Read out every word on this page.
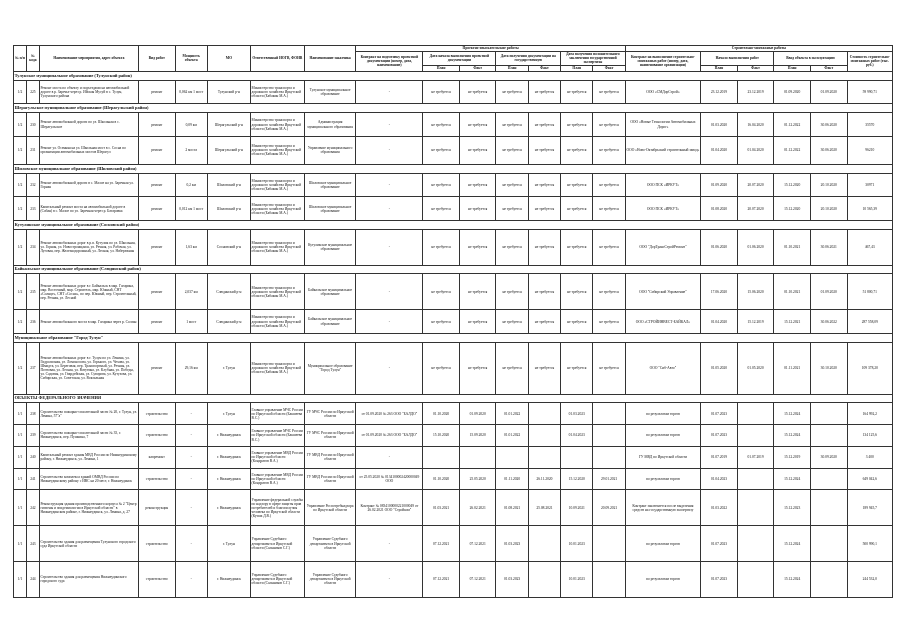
№ п/п	№ кода	Наименование мероприятия, адрес объекта	Вид работ	Мощность объекта	МО	Ответственный ИОГВ, ФОИВ	Наименование заказчика	Проектно-изыскательские работы							Строительно-монтажные работы					
								Контракт на подготовку проектной документации (номер, дата, наименование)	Дата начала выполнения проектной документации		Дата получения документации на государственную		Дата получения положительного заключения государственной экспертизы		Контракт на выполнение строительно-монтажных работ (номер, дата, наименование организации)	Начало выполнения работ		Ввод объекта в эксплуатацию		Стоимость строительно-монтажных работ (тыс. руб.)
									План	Факт	План	Факт	План	Факт		План	Факт	План	Факт	
Тулунское муниципальное образование (Тулунский район)																				
1/2	225	Ремонт моста по объекту и подъездами на автомобильной дороге в р. Заречье через р. Ийская Мусуй в с. Тулун, Тулунского района	ремонт	0,062 км 1 мост	Тулунский р-н	Министерство транспорта и дорожного хозяйства Иркутской области (Бабакин М.А.)	Тулунское муниципальное образование	-	не требуется	не требуется	не требуется	не требуется	не требуется	не требуется	ООО «СМДорСтрой»	23.12.2019	23.12.2019	01.09.2020	01.09.2020	59 990,71
Шерагульское муниципальное образование (Шерагульский район)																				
1/2	230	Ремонт автомобильной дороги по ул. Школьная в с. Шерагульское	ремонт	0,09 км	Шерагульский р-н	Министерство транспорта и дорожного хозяйства Иркутской области (Бабакин М.А.)	Администрация муниципального образования	-	не требуется	не требуется	не требуется	не требуется	не требуется	не требуется	ООО «Новые Технологии Автомобильных Дорог»	01.03.2020	16.04.2020	01.12.2022	30.06.2020	35570
1/2	231	Ремонт ул. Осенняя на ул. Школьная мост в с. Сосна по организации автомобильных мостов Шерагул	ремонт	2 моста	Шерагульский р-н	Министерство транспорта и дорожного хозяйства Иркутской области (Бабакин М.А.)	Управление муниципального образования	-	не требуется	не требуется	не требуется	не требуется	не требуется	не требуется	ООО «Ново-Октябрьский строительный завод»	01.04.2020	01.04.2020	01.12.2022	30.06.2020	96210
Шиловское муниципальное образование (Шиловский район)																				
1/2	232	Ремонт автомобильной дороги в с. Малое на ул. Заречная ул. Горная	ремонт	0,2 км	Шиловский р-н	Министерство транспорта и дорожного хозяйства Иркутской области (Бабакин М.А.)	Шиловское муниципальное образование	-	не требуется	не требуется	не требуется	не требуется	не требуется	не требуется	ООО ПСК «ИРКУТ»	01.09.2020	20.07.2020	15.12.2020	20.10.2020	30971
1/2	233	Капитальный ремонт моста на автомобильной дороге в (Сабан) в с. Малое по ул. Заречная через р. Батаровка	ремонт	0,012 км 1 мост	Шиловский р-н	Министерство транспорта и дорожного хозяйства Иркутской области (Бабакин М.А.)	Шиловское муниципальное образование	-	не требуется	не требуется	не требуется	не требуется	не требуется	не требуется	ООО ПСК «ИРКУТ»	01.08.2020	20.07.2020	15.12.2020	20.10.2020	10 565,39
Кутулинское муниципальное образование (Сосновский район)																				
1/2	234	Ремонт автомобильных дорог в р.п. Кутулик по ул. Школьная, ул. Горная, ул. Новостроящаяся, ул. Речная, ул. Рабочая, ул. Луговая, пер. Железнодорожный, ул. Лесная, ул. Набережная	ремонт	1,63 км	Сосновский р-н	Министерство транспорта и дорожного хозяйства Иркутской области (Бабакин М.А.)	Кутуликское муниципальное образование	-	не требуется	не требуется	не требуется	не требуется	не требуется	не требуется	ООО "ДорТрансСтройРемонт"	01.06.2020	01.06.2020	01.10.2021	30.06.2021	467,43
Байкальское муниципальное образование (Слюдянский район)																				
1/2	235	Ремонт автомобильных дорог в г. Байкальск в мкр. Гагарина, мкр. Восточный, мкр. Строитель, мкр. Южный, СНТ «Солнце», СНТ «Сосна», по пер. Южный, пер. Строительный, пер. Речная, ул. Лесной	ремонт	2,037 км	Слюдянский р-н	Министерство транспорта и дорожного хозяйства Иркутской области (Бабакин М.А.)	Байкальское муниципальное образование	-	не требуется	не требуется	не требуется	не требуется	не требуется	не требуется	ООО "Сибирский Управление"	17.06.2020	15.06.2020	01.10.2021	01.09.2020	51 800,71
1/2	236	Ремонт автомобильного моста в мкр. Гагарина через р. Солзан	ремонт	1 мост	Слюдянский р-н	Министерство транспорта и дорожного хозяйства Иркутской области (Бабакин М.А.)	Байкальское муниципальное образование	-	не требуется	не требуется	не требуется	не требуется	не требуется	не требуется	ООО «СТРОЙИНВЕСТ-БАЙКАЛ»	01.04.2020	15.12.2019	15.12.2021	30.06.2022	287 558,09
Муниципальное образование "Город Тулун"																				
1/2	237	Ремонт автомобильных дорог в г. Тулун по ул. Ленина, ул. Гидролизная, ул. Ломоносова, ул. Горького, ул. Чехова, ул. Шмидта, ул. Береговая, пер. Транспортный, ул. Речная, ул. Почтовая, ул. Лесная, ул. Ватутина, ул. Клубная, ул. Победы, ул. Садовая, ул. Гвардейская, ул. Суворова, ул. Кутузова, ул. Сибирская, ул. Советская, ул. Вокзальная	ремонт	29,16 км	г. Тулун	Министерство транспорта и дорожного хозяйства Иркутской области (Бабакин М.А.)	Муниципальное образование "Город Тулун"	-	не требуется	не требуется	не требуется	не требуется	не требуется	не требуется	ООО "Сиб-Авто"	01.05.2020	01.05.2020	01.11.2021	30.10.2020	109 378,20
ОБЪЕКТЫ ФЕДЕРАЛЬНОГО ЗНАЧЕНИЯ																				
1/1	238	Строительство пожарно-спасательной части № 20, г. Тулун, ул. Ленина, 57"а"	строительство	-	г. Тулун	Главное управление МЧС России по Иркутской области (Бакшеева В.С.)	ГУ МЧС России по Иркутской области	от 01.09.2020 № 263 ООО "БАЛДО"	01.10.2020	01.09.2020	01.01.2022		01.03.2023		по результатам торгов	01.07.2023		15.12.2024		164 992,2
1/1	239	Строительство пожарно-спасательной части № 35, г. Нижнеудинск, пер. Пушкина, 7	строительство	-	г. Нижнеудинск	Главное управление МЧС России по Иркутской области (Бакшеева В.С.)	ГУ МЧС России по Иркутской области	от 01.09.2020 № 263 ООО "БАЛДО"	15.10.2020	15.09.2020	01.01.2022		01.04.2023		по результатам торгов	01.07.2023		15.12.2024		134 125,6
1/1	240	Капитальный ремонт здания МВД России по Нижнеудинскому району, г. Нижнеудинск, ул. Ленина, 1	капремонт	-	г. Нижнеудинск	Главное управление МВД России по Иркутской области (Кондратов В.А.)	ГУ МВД России по Иркутской области	-							ГУ МВД по Иркутской области	01.07.2019	01.07.2019	15.12.2019	30.09.2020	3 400
1/1	241	Строительство комплекса зданий ОМВД России по Нижнеудинскому району с ИВС на 20 мест, г. Нижнеудинск	строительство	-	г. Нижнеудинск	Главное управление МВД России по Иркутской области (Кондратов В.А.)	ГУ МВД России по Иркутской области	от 25.05.2020 № 0134100002420000049 ООО	01.10.2020	25.05.2020	01.11.2020	26.11.2020	15.12.2020	29.01.2021	по результатам торгов	01.04.2023		15.12.2024		649 042,6
1/1	242	Реконструкция здания производственного корпуса № 2 "Центр гигиены и эпидемиологии в Иркутской области" в Нижнеудинском районе, г. Нижнеудинск, ул. Ленина, д. 27	реконструкция	-	г. Нижнеудинск	Управление федеральной службы по надзору в сфере защиты прав потребителей и благополучия человека по Иркутской области (Кучма Д.В.)	Управление Роспотребнадзора по Иркутской области	Контракт № 0834100000221000049 от 26.02.2021 ООО "Стройком"	01.03.2021	26.02.2021	01.08.2021	25.08.2021	10.09.2021	20.09.2021	Контракт заключается после выделения средств на государственную экспертизу	01.03.2022		15.12.2023		189 945,7
1/1	243	Строительство здания для размещения Тулунского городского суда Иркутской области	строительство	-	г. Тулун	Управление Судебного департамента в Иркутской области (Сальников С.Г.)	Управление Судебного департамента в Иркутской области	-	07.12.2021	07.12.2021	01.03.2023		10.01.2023		по результатам торгов	01.07.2023		15.12.2024		500 990,1
1/1	244	Строительство здания для размещения Нижнеудинского городского суда	строительство	-	г. Нижнеудинск	Управление Судебного департамента в Иркутской области (Сальников С.Г.)	Управление Судебного департамента в Иркутской области	-	07.12.2021	07.12.2021	01.03.2023		10.01.2023		по результатам торгов	01.07.2023		15.12.2024		244 532,0
